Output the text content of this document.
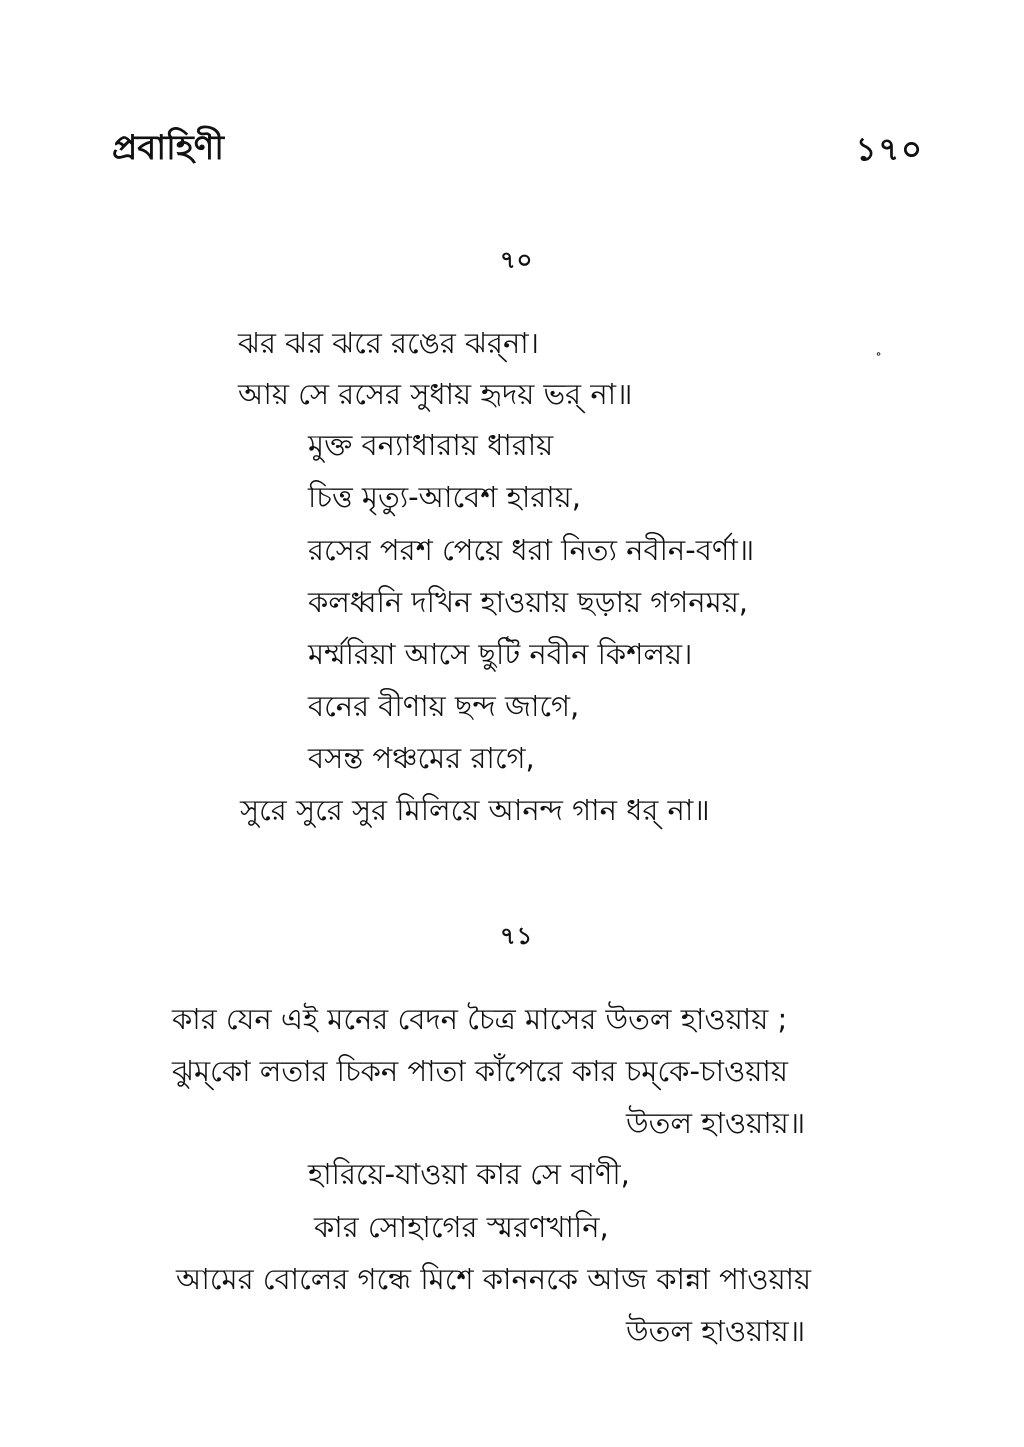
প্রবাহিণী	১৭০
॰
৭০
ঝর ঝর ঝরে রঙের ঝর্‌না।
আয় সে রসের সুধায় হৃদয় ভর্‌ না॥
মুক্ত বন্যাধারায় ধারায়
চিত্ত মৃত্যু-আবেশ হারায়,
রসের পরশ পেয়ে ধরা নিত্য নবীন-বর্ণা॥
কলধ্বনি দখিন হাওয়ায় ছড়ায় গগনময়,
মর্ম্মরিয়া আসে ছুটি নবীন কিশলয়।
বনের বীণায় ছন্দ জাগে,
বসন্ত পঞ্চমের রাগে,
সুরে সুরে সুর মিলিয়ে আনন্দ গান ধর্‌ না॥
৭১
কার যেন এই মনের বেদন চৈত্র মাসের উতল হাওয়ায় ;
ঝুম্‌কো লতার চিকন পাতা কাঁপেরে কার চম্‌কে-চাওয়ায়
উতল হাওয়ায়॥
হারিয়ে-যাওয়া কার সে বাণী,
কার সোহাগের স্মরণখানি,
আমের বোলের গন্ধে মিশে কাননকে আজ কান্না পাওয়ায়
উতল হাওয়ায়॥
